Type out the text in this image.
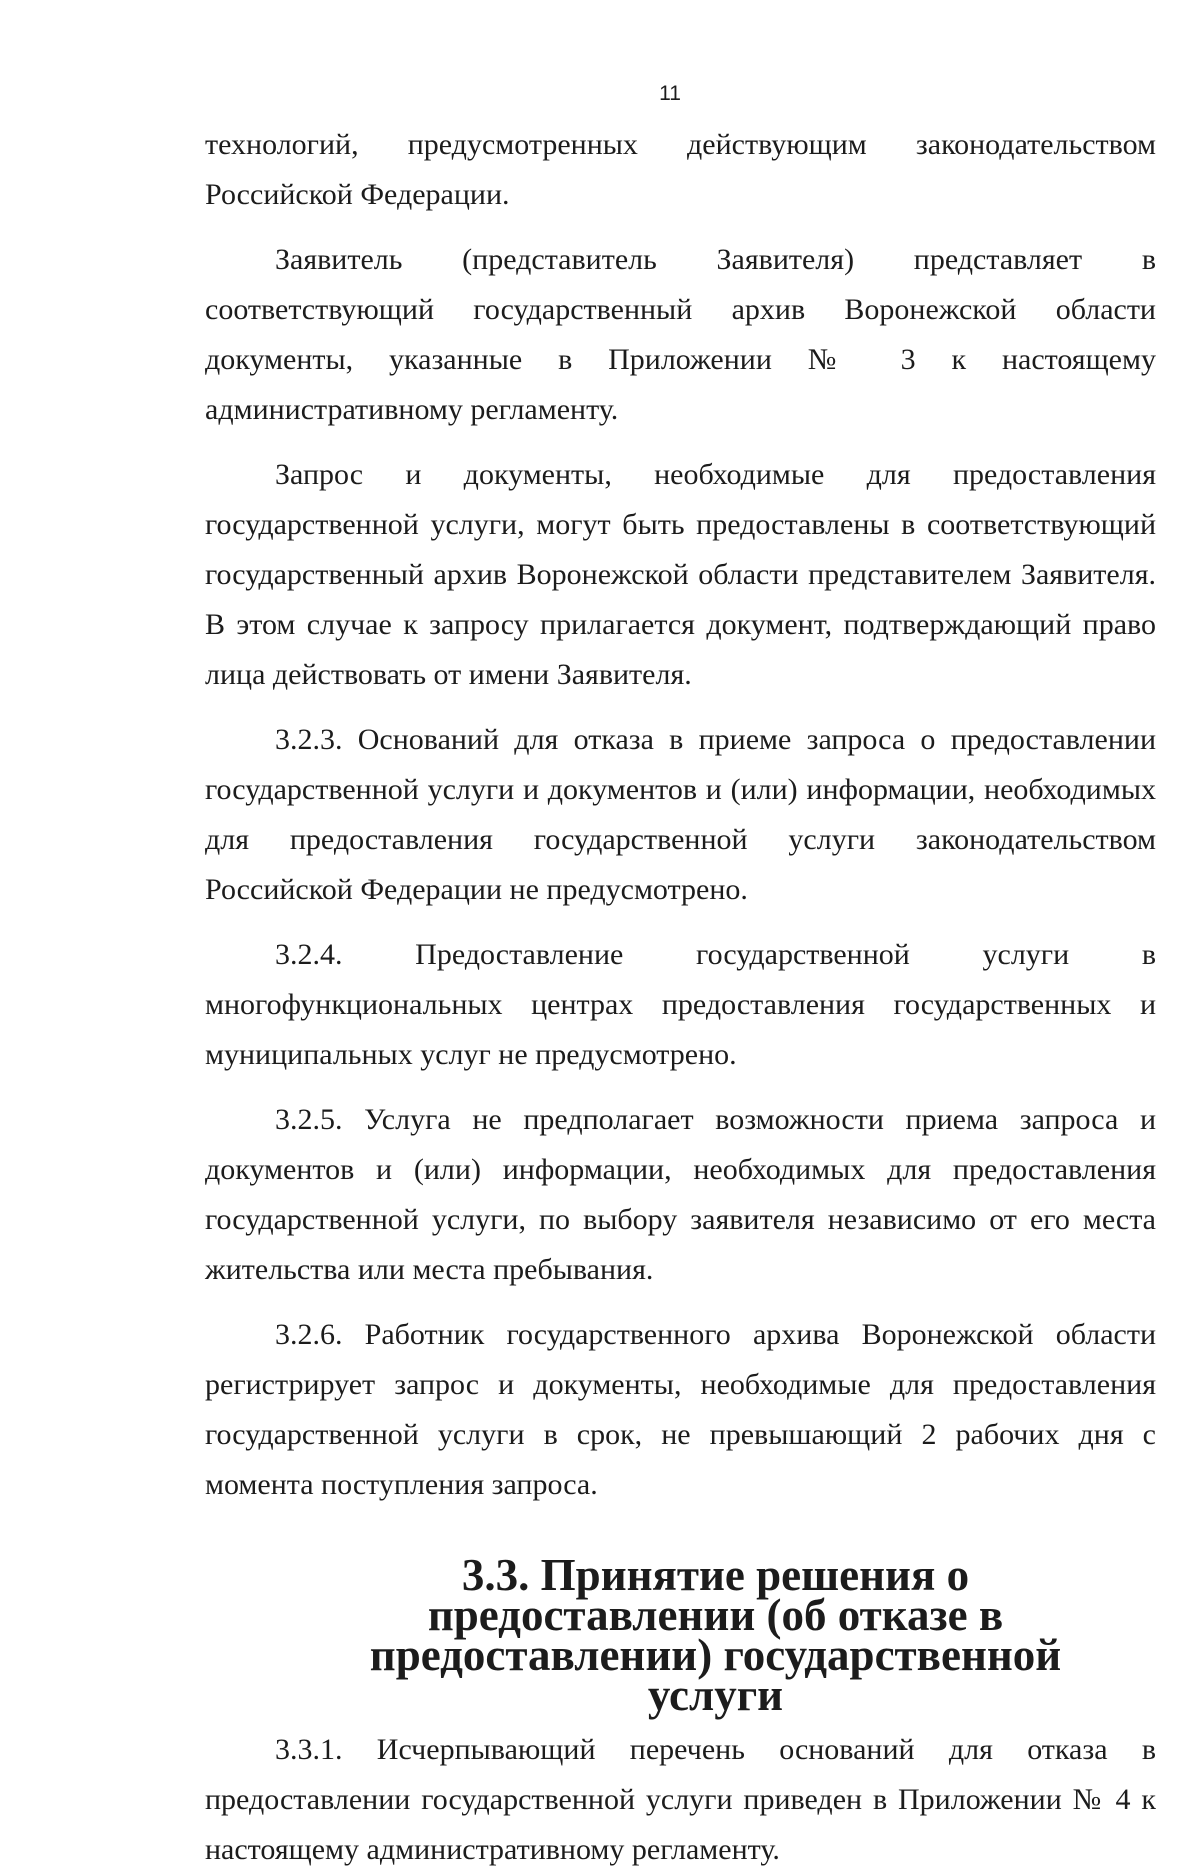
11

технологий, предусмотренных действующим законодательством Российской Федерации.

Заявитель (представитель Заявителя) представляет в соответствующий государственный архив Воронежской области документы, указанные в Приложении № 3 к настоящему административному регламенту.

Запрос и документы, необходимые для предоставления государственной услуги, могут быть предоставлены в соответствующий государственный архив Воронежской области представителем Заявителя. В этом случае к запросу прилагается документ, подтверждающий право лица действовать от имени Заявителя.

3.2.3. Оснований для отказа в приеме запроса о предоставлении государственной услуги и документов и (или) информации, необходимых для предоставления государственной услуги законодательством Российской Федерации не предусмотрено.

3.2.4. Предоставление государственной услуги в многофункциональных центрах предоставления государственных и муниципальных услуг не предусмотрено.

3.2.5. Услуга не предполагает возможности приема запроса и документов и (или) информации, необходимых для предоставления государственной услуги, по выбору заявителя независимо от его места жительства или места пребывания.

3.2.6. Работник государственного архива Воронежской области регистрирует запрос и документы, необходимые для предоставления государственной услуги в срок, не превышающий 2 рабочих дня с момента поступления запроса.

3.3. Принятие решения о предоставлении (об отказе в
предоставлении) государственной услуги

3.3.1. Исчерпывающий перечень оснований для отказа в предоставлении государственной услуги приведен в Приложении № 4 к настоящему административному регламенту.
